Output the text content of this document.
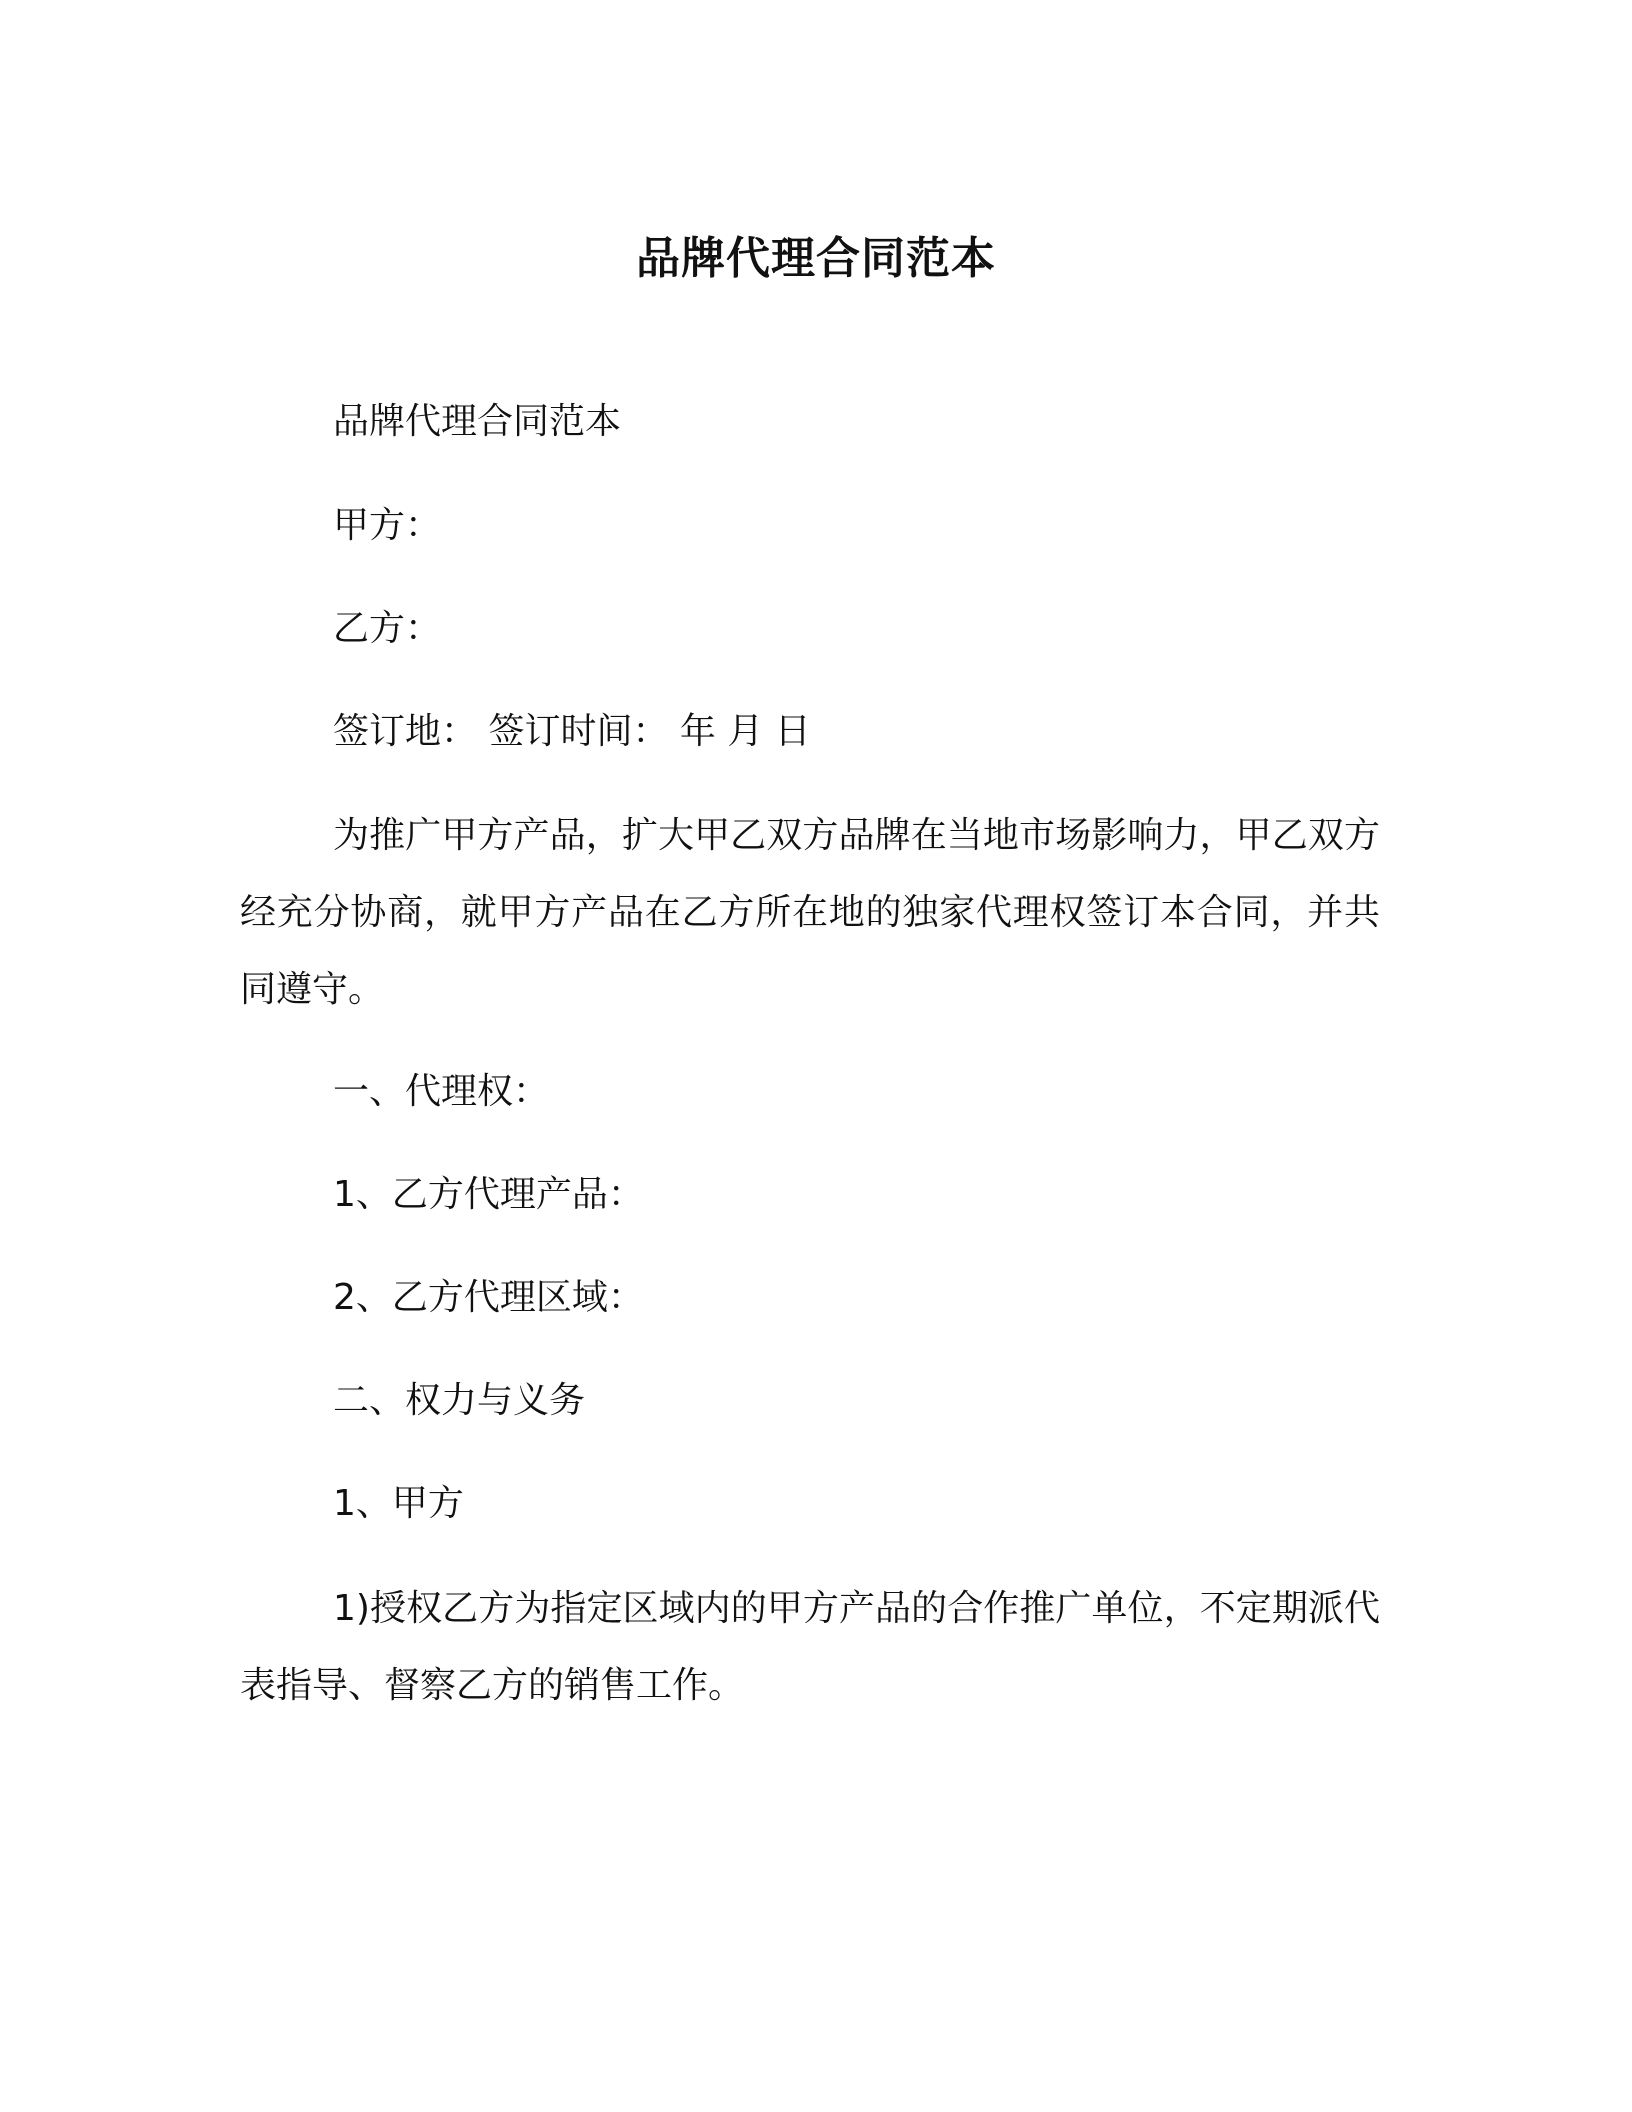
品牌代理合同范本

品牌代理合同范本

甲方：

乙方：

签订地： 签订时间： 年 月 日

为推广甲方产品，扩大甲乙双方品牌在当地市场影响力，甲乙双方经充分协商，就甲方产品在乙方所在地的独家代理权签订本合同，并共同遵守。

一、代理权：

1、乙方代理产品：

2、乙方代理区域：

二、权力与义务

1、甲方

1)授权乙方为指定区域内的甲方产品的合作推广单位，不定期派代表指导、督察乙方的销售工作。
